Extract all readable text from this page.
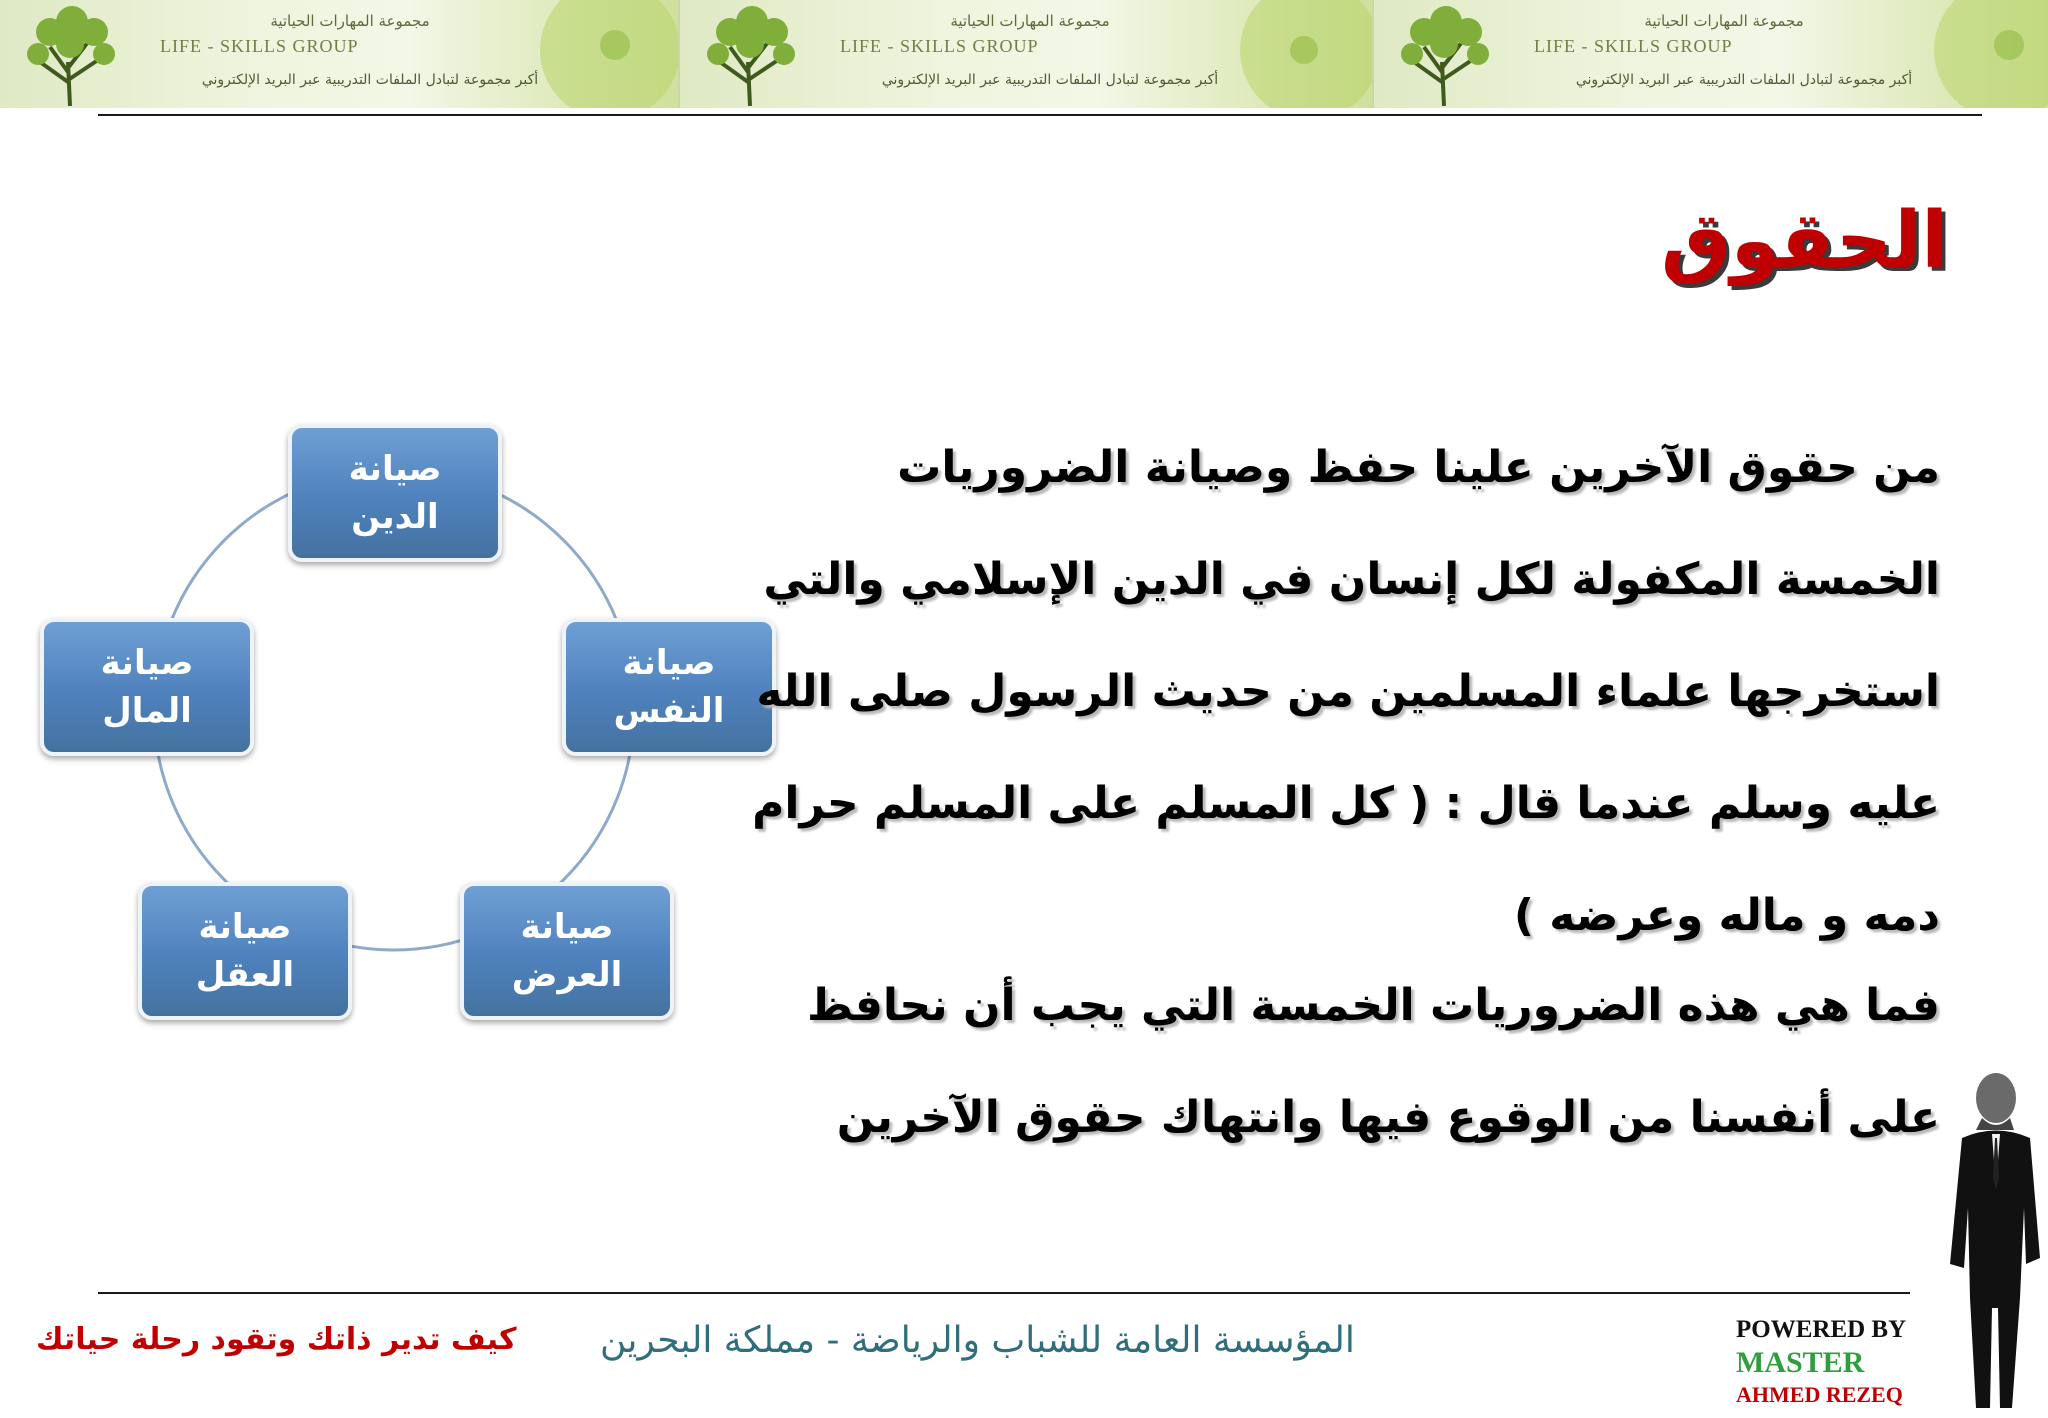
مجموعة المهارات الحياتية
LIFE - SKILLS GROUP
أكبر مجموعة لتبادل الملفات التدريبية عبر البريد الإلكتروني
مجموعة المهارات الحياتية
LIFE - SKILLS GROUP
أكبر مجموعة لتبادل الملفات التدريبية عبر البريد الإلكتروني
مجموعة المهارات الحياتية
LIFE - SKILLS GROUP
أكبر مجموعة لتبادل الملفات التدريبية عبر البريد الإلكتروني
الحقوق
صيانة
الدين
صيانة
النفس
صيانة
العرض
صيانة
العقل
صيانة
المال
من حقوق الآخرين علينا حفظ وصيانة الضروريات
الخمسة المكفولة لكل إنسان في الدين الإسلامي والتي
استخرجها علماء المسلمين من حديث الرسول صلى الله
عليه وسلم عندما قال : ( كل المسلم على المسلم حرام
دمه و ماله وعرضه )
فما هي هذه الضروريات الخمسة التي يجب أن نحافظ
على أنفسنا من الوقوع فيها وانتهاك حقوق الآخرين
كيف تدير ذاتك وتقود رحلة حياتك المؤسسة العامة للشباب والرياضة - مملكة البحرين	POWERED BY
MASTER
AHMED REZEQ
